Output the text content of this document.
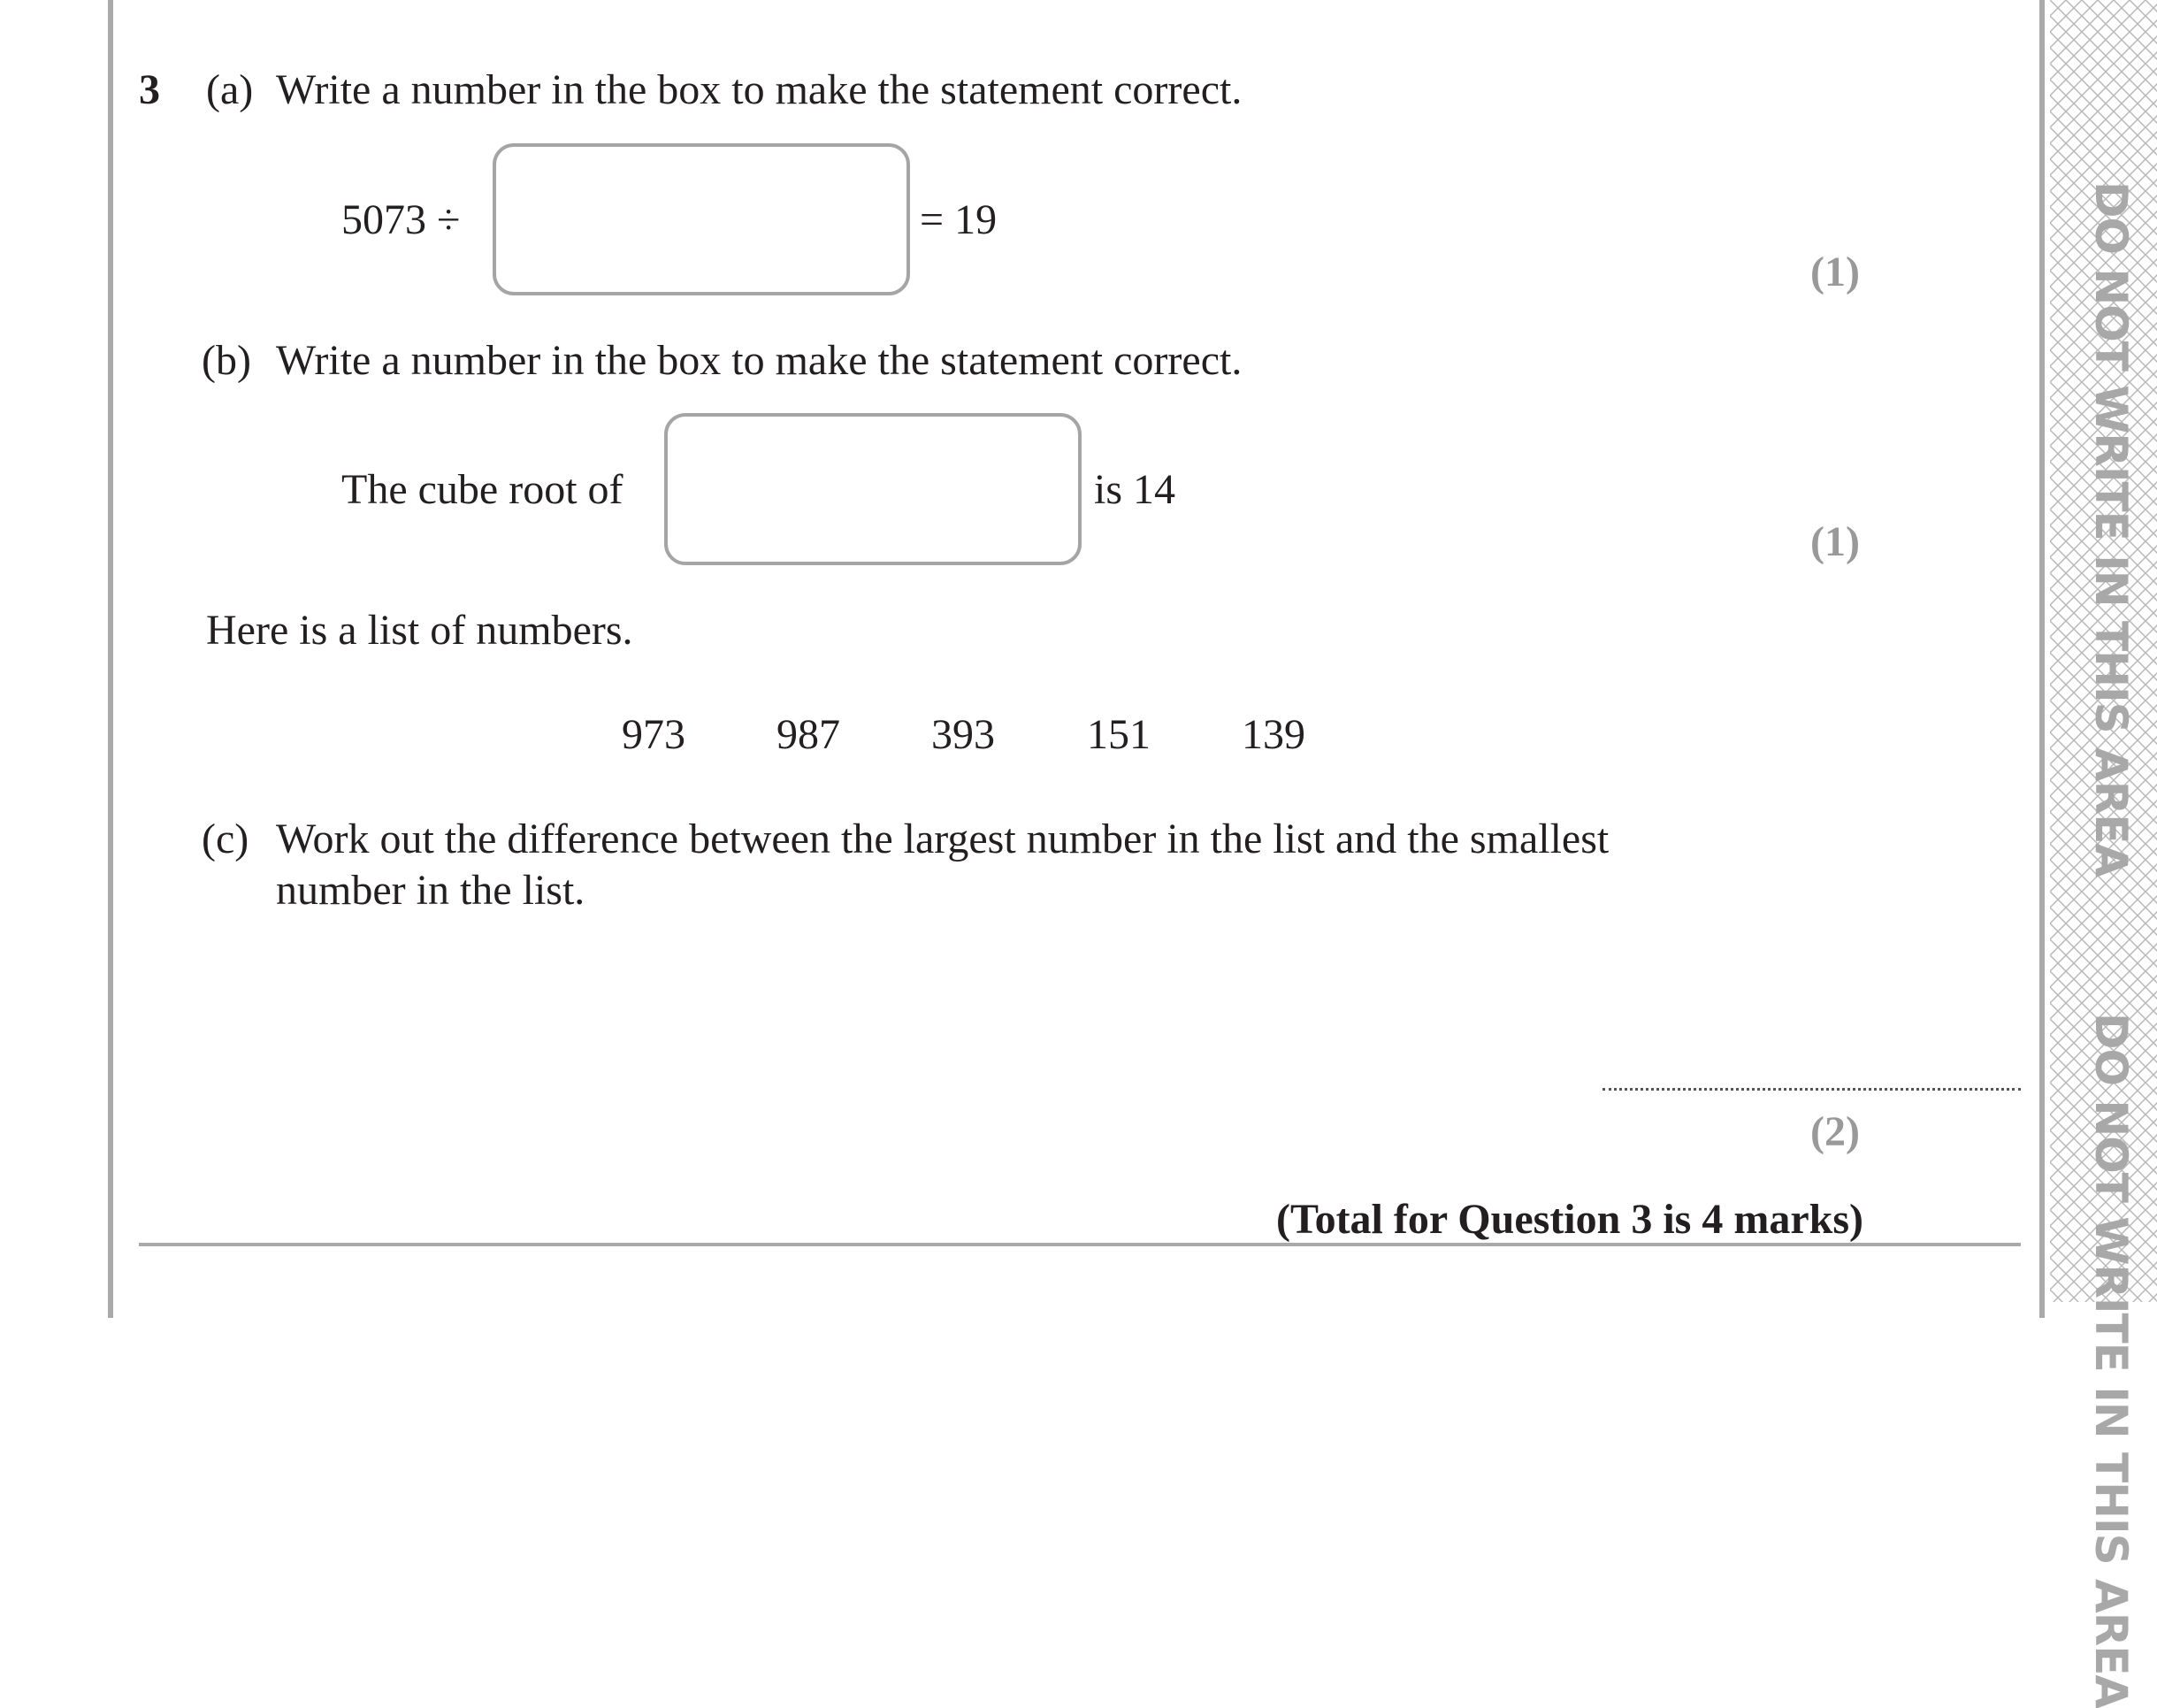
DO NOT WRITE IN THIS AREA
DO NOT WRITE IN THIS AREA
3 (a) Write a number in the box to make the statement correct.
5073 ÷	= 19
(1)
(b) Write a number in the box to make the statement correct.
The cube root of	is 14
(1)
Here is a list of numbers.
973 987 393 151 139
(c) Work out the difference between the largest number in the list and the smallest
number in the list.
(2)
(Total for Question 3 is 4 marks)
